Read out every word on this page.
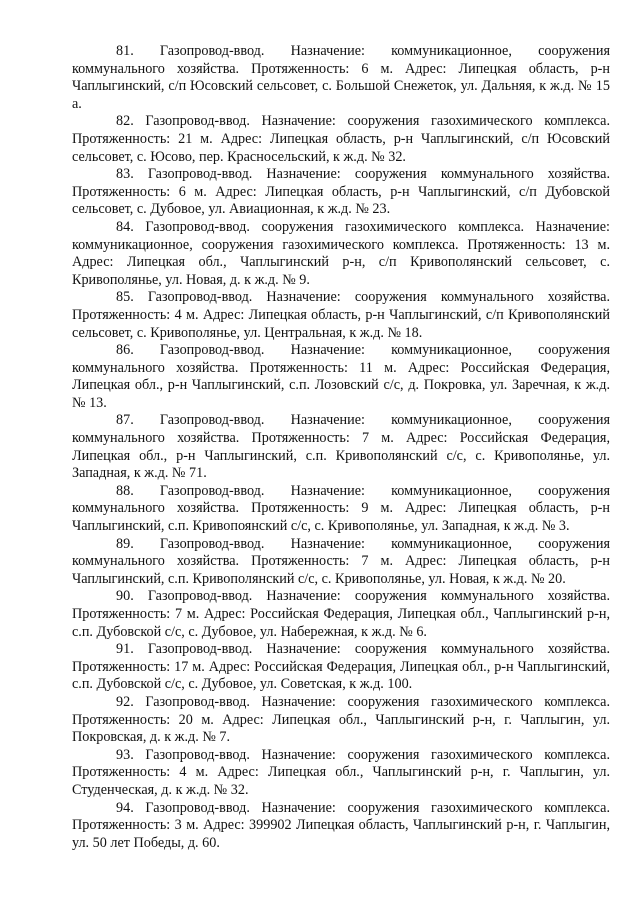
81. Газопровод-ввод. Назначение: коммуникационное, сооружения коммунального хозяйства. Протяженность: 6 м. Адрес: Липецкая область, р-н Чаплыгинский, с/п Юсовский сельсовет, с. Большой Снежеток, ул. Дальняя, к ж.д. № 15 а.

82. Газопровод-ввод. Назначение: сооружения газохимического комплекса. Протяженность: 21 м. Адрес: Липецкая область, р-н Чаплыгинский, с/п Юсовский сельсовет, с. Юсово, пер. Красносельский, к ж.д. № 32.

83. Газопровод-ввод. Назначение: сооружения коммунального хозяйства. Протяженность: 6 м. Адрес: Липецкая область, р-н Чаплыгинский, с/п Дубовской сельсовет, с. Дубовое, ул. Авиационная, к ж.д. № 23.

84. Газопровод-ввод. сооружения газохимического комплекса. Назначение: коммуникационное, сооружения газохимического комплекса. Протяженность: 13 м. Адрес: Липецкая обл., Чаплыгинский р-н, с/п Кривополянский сельсовет, с. Кривополянье, ул. Новая, д. к ж.д. № 9.

85. Газопровод-ввод. Назначение: сооружения коммунального хозяйства. Протяженность: 4 м. Адрес: Липецкая область, р-н Чаплыгинский, с/п Кривополянский сельсовет, с. Кривополянье, ул. Центральная, к ж.д. № 18.

86. Газопровод-ввод. Назначение: коммуникационное, сооружения коммунального хозяйства. Протяженность: 11 м. Адрес: Российская Федерация, Липецкая обл., р-н Чаплыгинский, с.п. Лозовский с/с, д. Покровка, ул. Заречная, к ж.д. № 13.

87. Газопровод-ввод. Назначение: коммуникационное, сооружения коммунального хозяйства. Протяженность: 7 м. Адрес: Российская Федерация, Липецкая обл., р-н Чаплыгинский, с.п. Кривополянский с/с, с. Кривополянье, ул. Западная, к ж.д. № 71.

88. Газопровод-ввод. Назначение: коммуникационное, сооружения коммунального хозяйства. Протяженность: 9 м. Адрес: Липецкая область, р-н Чаплыгинский, с.п. Кривопоянский с/с, с. Кривополянье, ул. Западная, к ж.д. № 3.

89. Газопровод-ввод. Назначение: коммуникационное, сооружения коммунального хозяйства. Протяженность: 7 м. Адрес: Липецкая область, р-н Чаплыгинский, с.п. Кривополянский с/с, с. Кривополянье, ул. Новая, к ж.д. № 20.

90. Газопровод-ввод. Назначение: сооружения коммунального хозяйства. Протяженность: 7 м. Адрес: Российская Федерация, Липецкая обл., Чаплыгинский р-н, с.п. Дубовской с/с, с. Дубовое, ул. Набережная, к ж.д. № 6.

91. Газопровод-ввод. Назначение: сооружения коммунального хозяйства. Протяженность: 17 м. Адрес: Российская Федерация, Липецкая обл., р-н Чаплыгинский, с.п. Дубовской с/с, с. Дубовое, ул. Советская, к ж.д. 100.

92. Газопровод-ввод. Назначение: сооружения газохимического комплекса. Протяженность: 20 м. Адрес: Липецкая обл., Чаплыгинский р-н, г. Чаплыгин, ул. Покровская, д. к ж.д. № 7.

93. Газопровод-ввод. Назначение: сооружения газохимического комплекса. Протяженность: 4 м. Адрес: Липецкая обл., Чаплыгинский р-н, г. Чаплыгин, ул. Студенческая, д. к ж.д. № 32.

94. Газопровод-ввод. Назначение: сооружения газохимического комплекса. Протяженность: 3 м. Адрес: 399902 Липецкая область, Чаплыгинский р-н, г. Чаплыгин, ул. 50 лет Победы, д. 60.
